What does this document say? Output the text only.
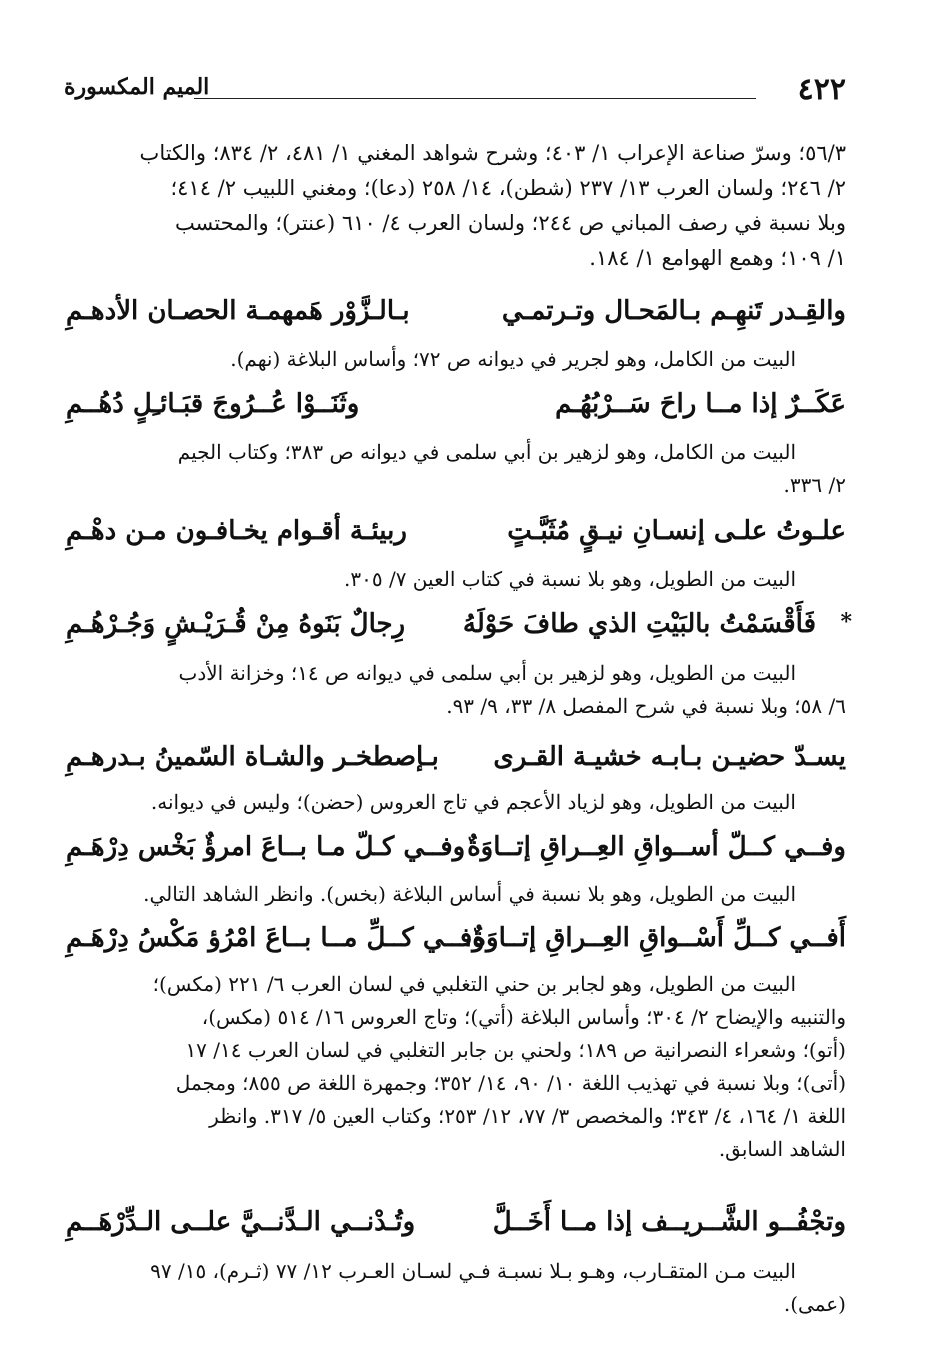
٤٢٢
الميم المكسورة
٥٦/٣؛ وسرّ صناعة الإعراب ١/ ٤٠٣؛ وشرح شواهد المغني ١/ ٤٨١، ٢/ ٨٣٤؛ والكتاب
٢/ ٢٤٦؛ ولسان العرب ١٣/ ٢٣٧ (شطن)، ١٤/ ٢٥٨ (دعا)؛ ومغني اللبيب ٢/ ٤١٤؛
وبلا نسبة في رصف المباني ص ٢٤٤؛ ولسان العرب ٤/ ٦١٠ (عنتر)؛ والمحتسب
١/ ١٠٩؛ وهمع الهوامع ١/ ١٨٤.
والقِـدر تَنهِـم بـالمَحـال وتـرتمـي
بـالـزَّوْر هَمهمـة الحصـان الأدهـمِ
البيت من الكامل، وهو لجرير في ديوانه ص ٧٢؛ وأساس البلاغة (نهم).
عَكَــرٌ إذا مــا راحَ سَــرْبُهُـم
وثَنَــوْا عُــرُوجَ قبَـائـِلٍ دُهُــمِ
البيت من الكامل، وهو لزهير بن أبي سلمى في ديوانه ص ٣٨٣؛ وكتاب الجيم
٢/ ٣٣٦.
علـوتُ علـى إنسـانِ نيـقٍ مُثَبَّـتٍ
ربيئـة أقـوام يخـافـون مـن دهْـمِ
البيت من الطويل، وهو بلا نسبة في كتاب العين ٧/ ٣٠٥.
*
فَأَقْسَمْتُ بالبَيْتِ الذي طافَ حَوْلَهُ
رِجالٌ بَنَوهُ مِنْ قُـرَيْـشٍ وَجُـرْهُـمِ
البيت من الطويل، وهو لزهير بن أبي سلمى في ديوانه ص ١٤؛ وخزانة الأدب
٦/ ٥٨؛ وبلا نسبة في شرح المفصل ٨/ ٣٣، ٩/ ٩٣.
يسـدّ حضيـن بـابـه خشيـة القـرى
بـإصطخـر والشـاة السّمينُ بـدرهـمِ
البيت من الطويل، وهو لزياد الأعجم في تاج العروس (حضن)؛ وليس في ديوانه.
وفــي كــلّ أســواقِ العِــراقِ إتــاوَةٌ
وفــي كـلّ مـا بــاعَ امرؤٌ بَخْس دِرْهَـمِ
البيت من الطويل، وهو بلا نسبة في أساس البلاغة (بخس). وانظر الشاهد التالي.
أَفــي كــلِّ أَسْــواقِ العِــراقِ إتــاوَةٌ،
وفــي كــلِّ مــا بــاعَ امْرُؤ مَكْسُ دِرْهَـمِ
البيت من الطويل، وهو لجابر بن حني التغلبي في لسان العرب ٦/ ٢٢١ (مكس)؛
والتنبيه والإيضاح ٢/ ٣٠٤؛ وأساس البلاغة (أتي)؛ وتاج العروس ١٦/ ٥١٤ (مكس)،
(أتو)؛ وشعراء النصرانية ص ١٨٩؛ ولحني بن جابر التغلبي في لسان العرب ١٤/ ١٧
(أتى)؛ وبلا نسبة في تهذيب اللغة ١٠/ ٩٠، ١٤/ ٣٥٢؛ وجمهرة اللغة ص ٨٥٥؛ ومجمل
اللغة ١/ ١٦٤، ٤/ ٣٤٣؛ والمخصص ٣/ ٧٧، ١٢/ ٢٥٣؛ وكتاب العين ٥/ ٣١٧. وانظر
الشاهد السابق.
وتجْفُــو الشَّــريــف إذا مــا أَخَــلَّ
وتُـدْنــي الـدَّنــيَّ علــى الـدِّرْهَــمِ
البيت مـن المتقـارب، وهـو بـلا نسبـة فـي لسـان العـرب ١٢/ ٧٧ (ثـرم)، ١٥/ ٩٧
(عمى).
